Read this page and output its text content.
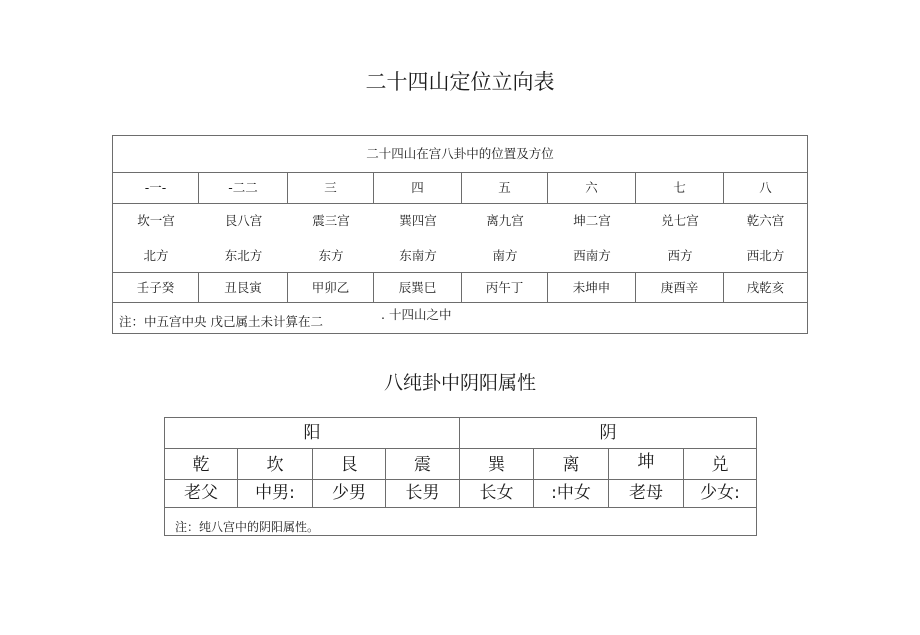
二十四山定位立向表
二十四山在宫八卦中的位置及方位
-一-	-二二	三	四	五	六	七	八
坎一宫	艮八宫	震三宫	巽四宫	离九宫	坤二宫	兑七宫	乾六宫
北方	东北方	东方	东南方	南方	西南方	西方	西北方
壬子癸	丑艮寅	甲卯乙	辰巽巳	丙午丁	未坤申	庚酉辛	戌乾亥
注：中五宫中央 戊己属土未计算在二	. 十四山之中
八纯卦中阴阳属性
阳	阴
乾	坎	艮	震	巽	离	坤	兑
老父	中男:	少男	长男	长女	:中女	老母	少女:
注：纯八宫中的阴阳属性。
